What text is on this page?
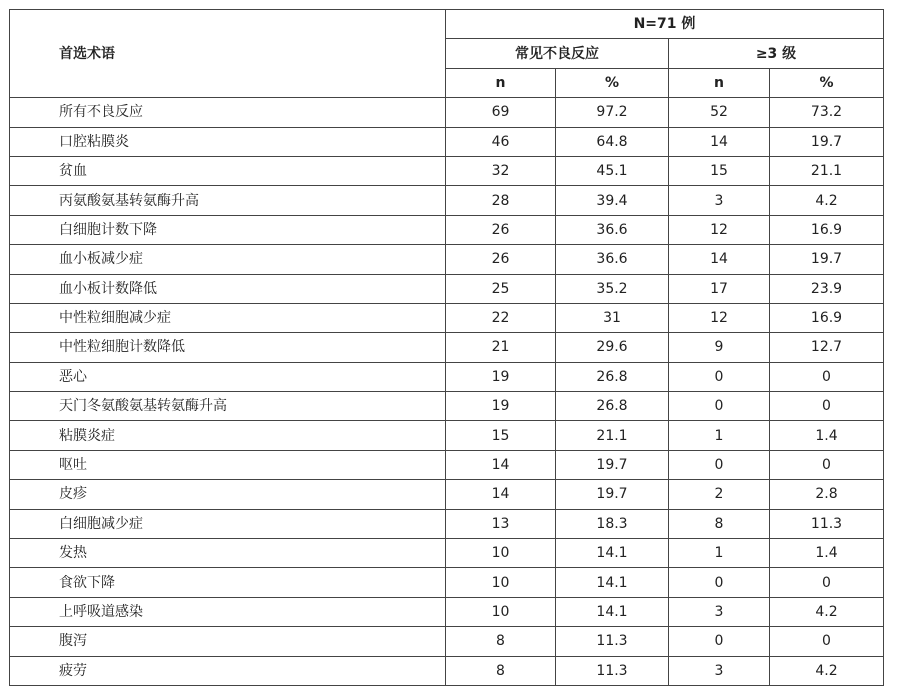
首选术语	N=71 例			
	常见不良反应		≥3 级	
	n	%	n	%
所有不良反应	69	97.2	52	73.2
口腔粘膜炎	46	64.8	14	19.7
贫血	32	45.1	15	21.1
丙氨酸氨基转氨酶升高	28	39.4	3	4.2
白细胞计数下降	26	36.6	12	16.9
血小板减少症	26	36.6	14	19.7
血小板计数降低	25	35.2	17	23.9
中性粒细胞减少症	22	31	12	16.9
中性粒细胞计数降低	21	29.6	9	12.7
恶心	19	26.8	0	0
天门冬氨酸氨基转氨酶升高	19	26.8	0	0
粘膜炎症	15	21.1	1	1.4
呕吐	14	19.7	0	0
皮疹	14	19.7	2	2.8
白细胞减少症	13	18.3	8	11.3
发热	10	14.1	1	1.4
食欲下降	10	14.1	0	0
上呼吸道感染	10	14.1	3	4.2
腹泻	8	11.3	0	0
疲劳	8	11.3	3	4.2
